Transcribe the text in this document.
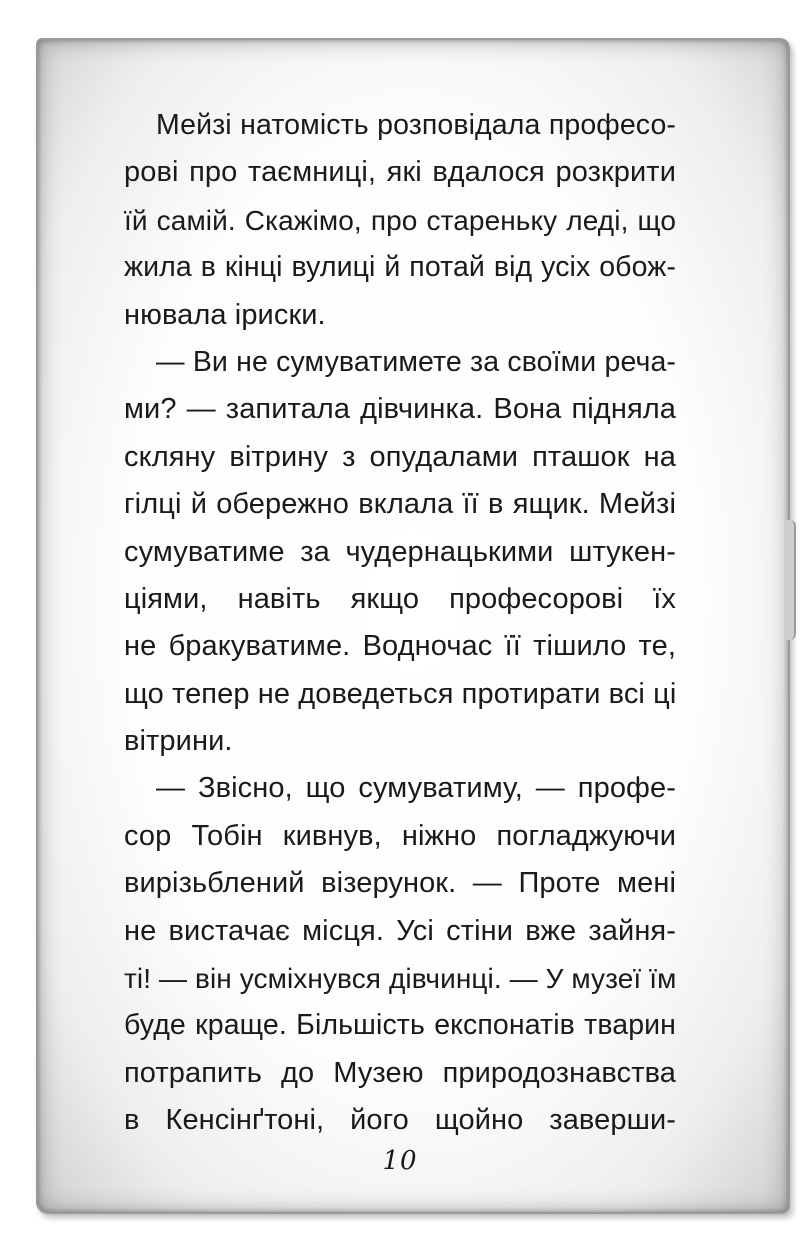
Мейзі натомість розповідала професо-
рові про таємниці, які вдалося розкрити
їй самій. Скажімо, про стареньку леді, що
жила в кінці вулиці й потай від усіх обож-
нювала іриски.
— Ви не сумуватимете за своїми реча-
ми? — запитала дівчинка. Вона підняла
скляну вітрину з опудалами пташок на
гілці й обережно вклала її в ящик. Мейзі
сумуватиме за чудернацькими штукен-
ціями, навіть якщо професорові їх
не бракуватиме. Водночас її тішило те,
що тепер не доведеться протирати всі ці
вітрини.
— Звісно, що сумуватиму, — профе-
сор Тобін кивнув, ніжно погладжуючи
вирізьблений візерунок. — Проте мені
не вистачає місця. Усі стіни вже зайня-
ті! — він усміхнувся дівчинці. — У музеї їм
буде краще. Більшість експонатів тварин
потрапить до Музею природознавства
в Кенсінґтоні, його щойно заверши-
10
